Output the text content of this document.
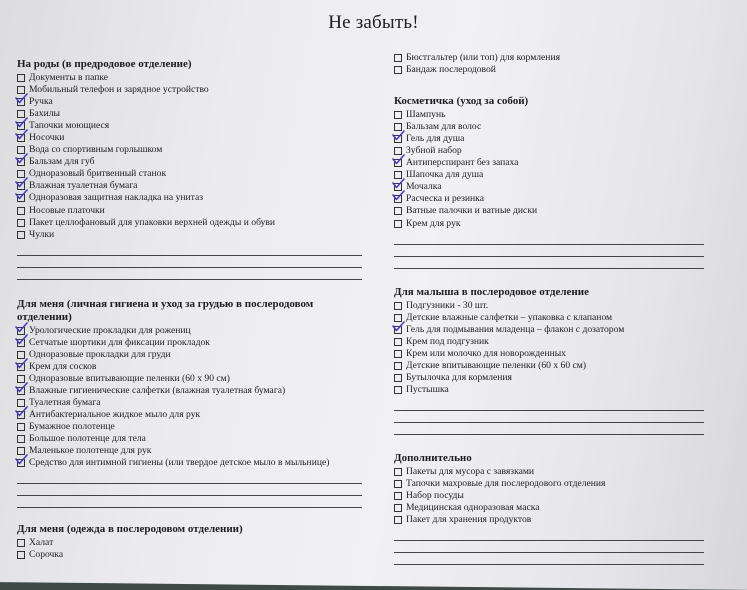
Не забыть!
На роды (в предродовое отделение)
Документы в папке
Мобильный телефон и зарядное устройство
Ручка
Бахилы
Тапочки моющиеся
Носочки
Вода со спортивным горлышком
Бальзам для губ
Одноразовый бритвенный станок
Влажная туалетная бумага
Одноразовая защитная накладка на унитаз
Носовые платочки
Пакет целлофановый для упаковки верхней одежды и обуви
Чулки
Для меня (личная гигиена и уход за грудью в послеродовом отделении)
Урологические прокладки для рожениц
Сетчатые шортики для фиксации прокладок
Одноразовые прокладки для груди
Крем для сосков
Одноразовые впитывающие пеленки (60 х 90 см)
Влажные гигиенические салфетки (влажная туалетная бумага)
Туалетная бумага
Антибактериальное жидкое мыло для рук
Бумажное полотенце
Большое полотенце для тела
Маленькое полотенце для рук
Средство для интимной гигиены (или твердое детское мыло в мыльнице)
Для меня (одежда в послеродовом отделении)
Халат
Сорочка
Бюстгальтер (или топ) для кормления
Бандаж послеродовой
Косметичка (уход за собой)
Шампунь
Бальзам для волос
Гель для душа
Зубной набор
Антиперспирант без запаха
Шапочка для душа
Мочалка
Расческа и резинка
Ватные палочки и ватные диски
Крем для рук
Для малыша в послеродовое отделение
Подгузники - 30 шт.
Детские влажные салфетки – упаковка с клапаном
Гель для подмывания младенца – флакон с дозатором
Крем под подгузник
Крем или молочко для новорожденных
Детские впитывающие пеленки (60 х 60 см)
Бутылочка для кормления
Пустышка
Дополнительно
Пакеты для мусора с завязками
Тапочки махровые для послеродового отделения
Набор посуды
Медицинская одноразовая маска
Пакет для хранения продуктов
